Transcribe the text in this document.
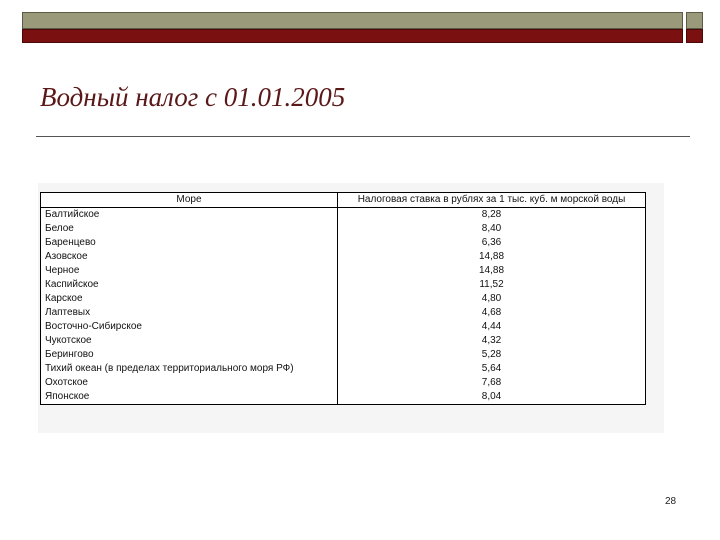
Водный налог с 01.01.2005
Море	Налоговая ставка в рублях за 1 тыс. куб. м морской воды
Балтийское	8,28
Белое	8,40
Баренцево	6,36
Азовское	14,88
Черное	14,88
Каспийское	11,52
Карское	4,80
Лаптевых	4,68
Восточно-Сибирское	4,44
Чукотское	4,32
Берингово	5,28
Тихий океан (в пределах территориального моря РФ)	5,64
Охотское	7,68
Японское	8,04
28
